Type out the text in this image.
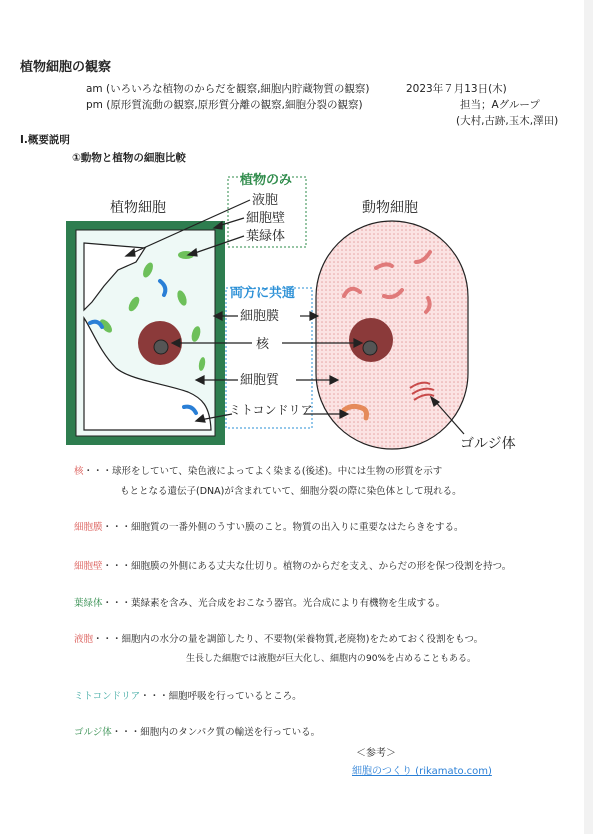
植物細胞の観察
am (いろいろな植物のからだを観察,細胞内貯蔵物質の観察)	2023年７月13日(木)
pm (原形質流動の観察,原形質分離の観察,細胞分裂の観察)	担当；Aグループ
(大村,古跡,玉木,澤田)
Ⅰ.概要説明
①動物と植物の細胞比較
植物細胞	動物細胞
植物のみ
液胞
細胞壁
葉緑体
両方に共通
細胞膜
核
細胞質
ミトコンドリア
ゴルジ体
核・・・球形をしていて、染色液によってよく染まる(後述)。中には生物の形質を示す
もととなる遺伝子(DNA)が含まれていて、細胞分裂の際に染色体として現れる。
細胞膜・・・細胞質の一番外側のうすい膜のこと。物質の出入りに重要なはたらきをする。
細胞壁・・・細胞膜の外側にある丈夫な仕切り。植物のからだを支え、からだの形を保つ役割を持つ。
葉緑体・・・葉緑素を含み、光合成をおこなう器官。光合成により有機物を生成する。
液胞・・・細胞内の水分の量を調節したり、不要物(栄養物質,老廃物)をためておく役割をもつ。
生長した細胞では液胞が巨大化し、細胞内の90%を占めることもある。
ミトコンドリア・・・細胞呼吸を行っているところ。
ゴルジ体・・・細胞内のタンパク質の輸送を行っている。
＜参考＞
細胞のつくり (rikamato.com)
